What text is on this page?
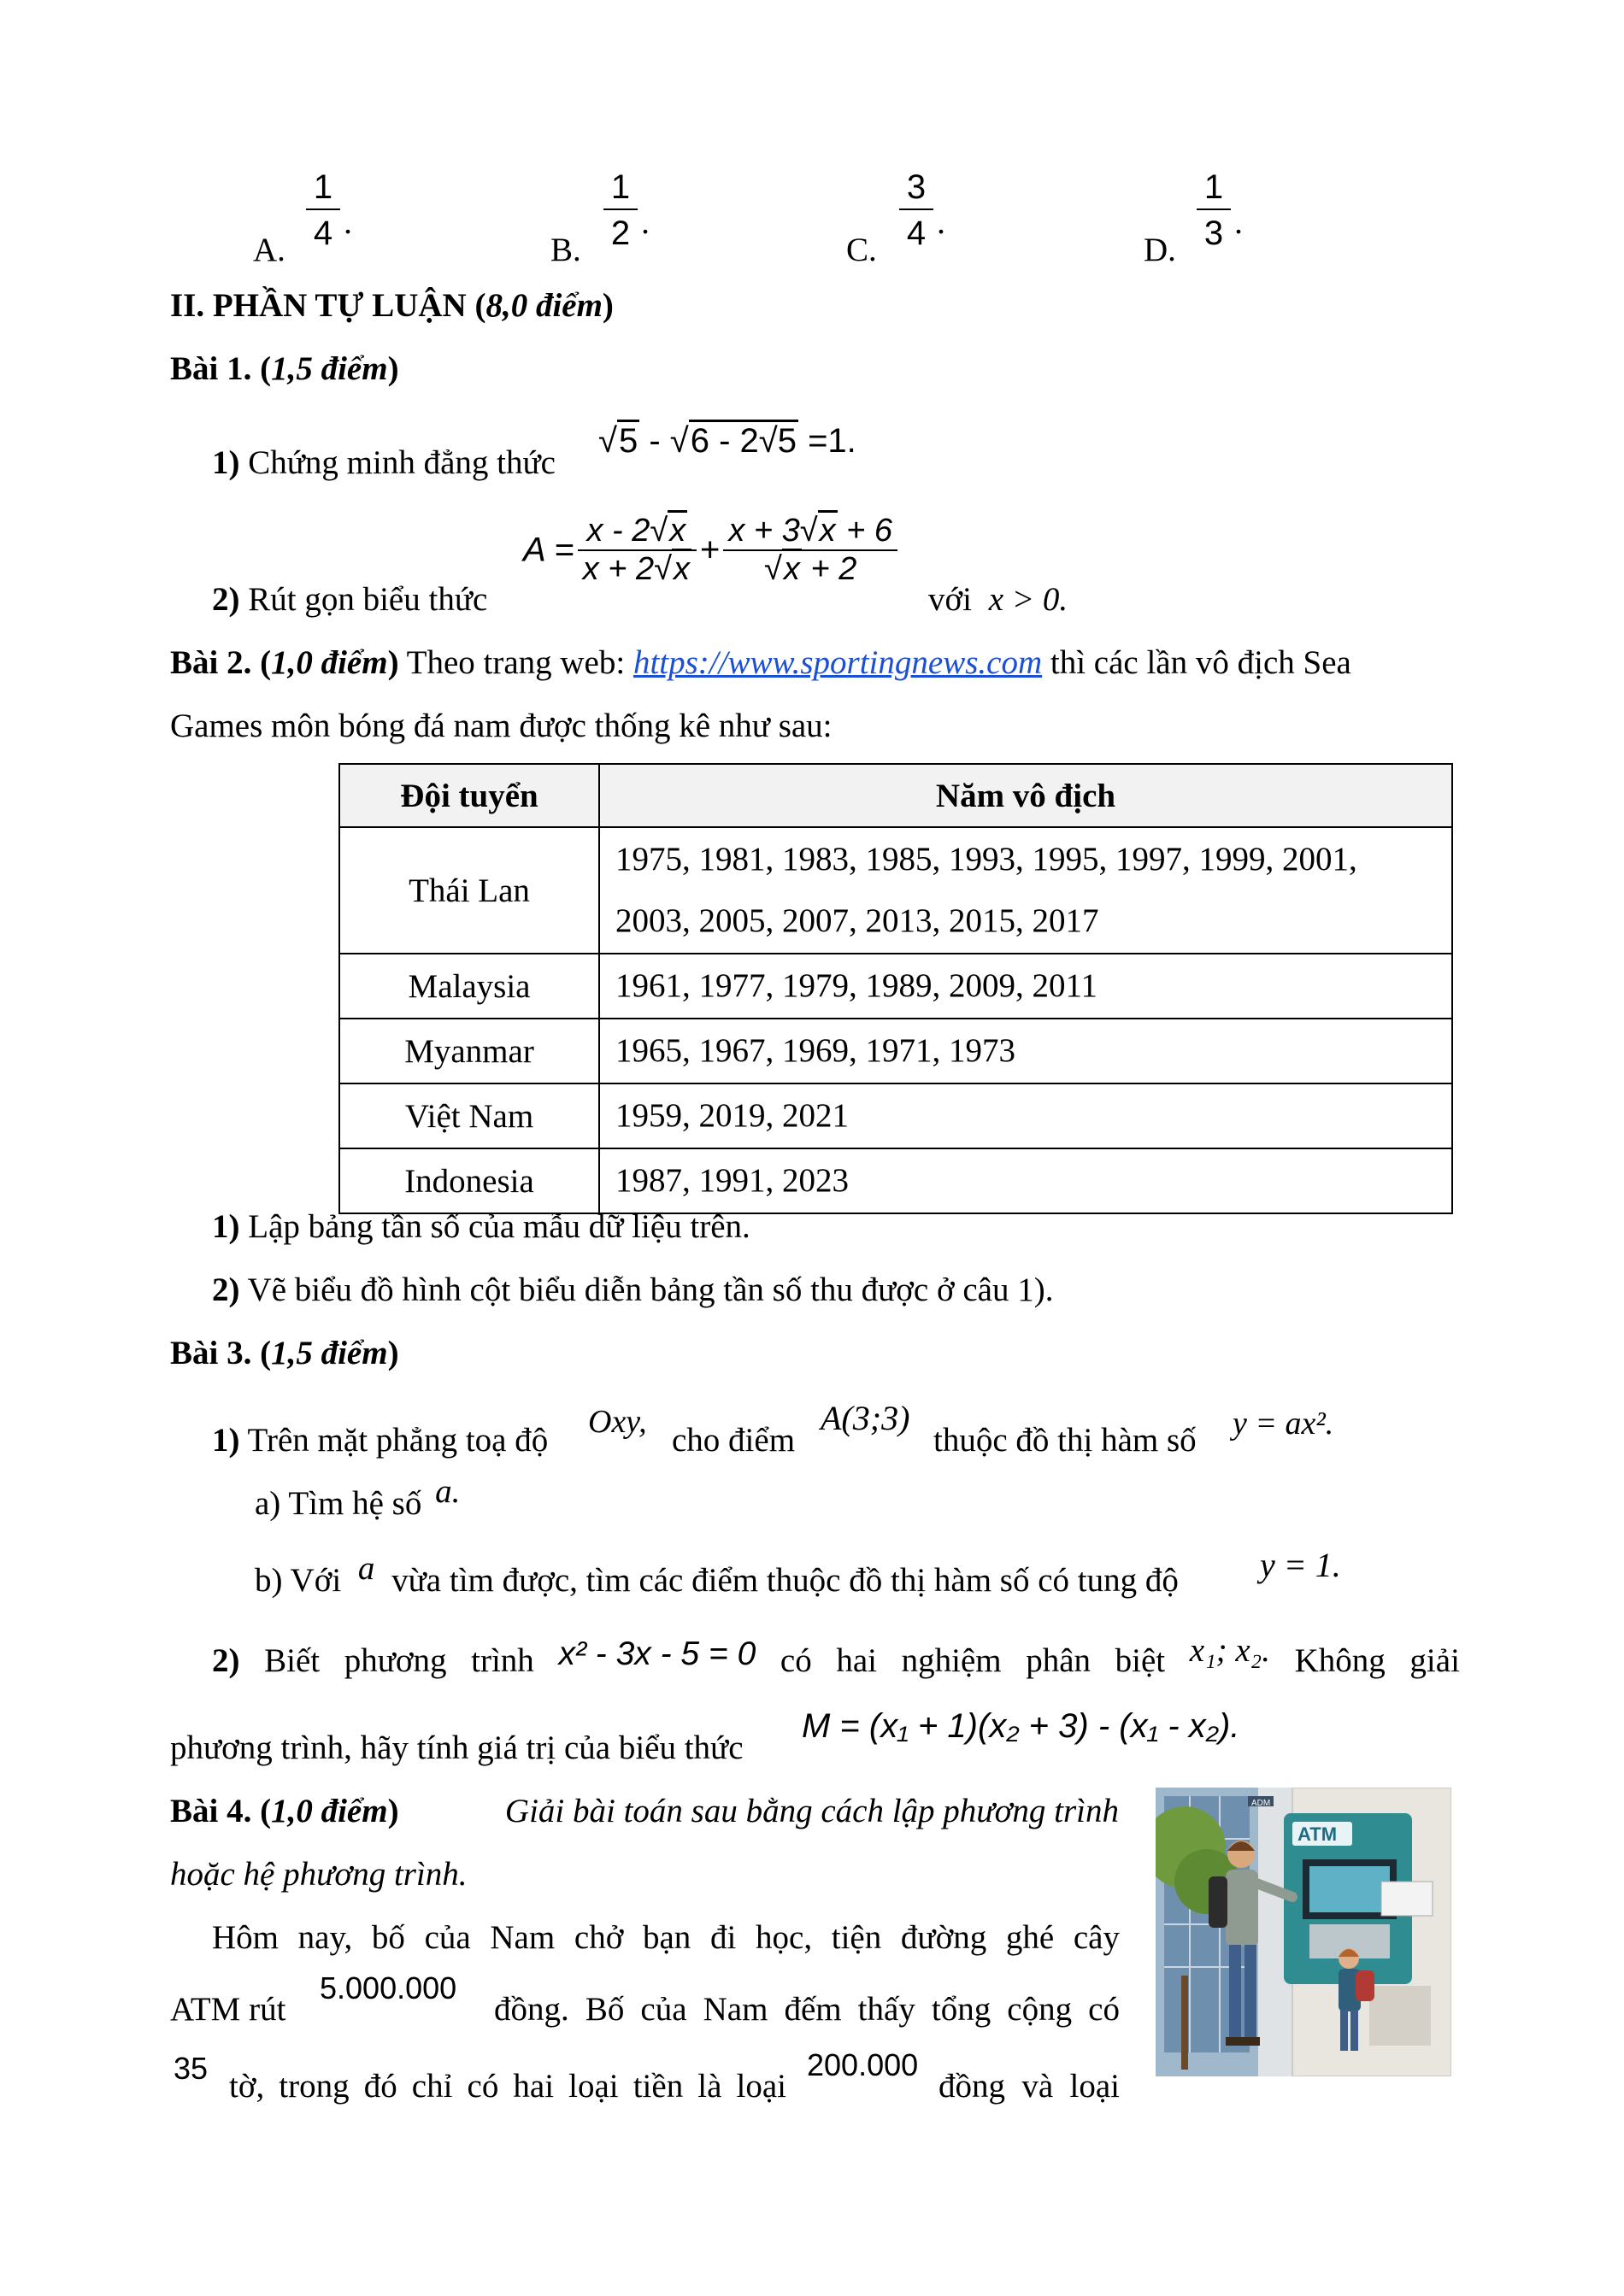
A.
1
4 .
B.
1
2 .
C.
3
4 .
D.
1
3 .
II. PHẦN TỰ LUẬN (8,0 điểm)
Bài 1. (1,5 điểm)
1) Chứng minh đẳng thức
√5 - √6 - 2√5 =1.
2) Rút gọn biểu thức
$A = \frac{x - 2√x}{x + 2√x} + \frac{x + 3√x + 6}{√x + 2}$
với x > 0.
Bài 2. (1,0 điểm) Theo trang web: https://www.sportingnews.com thì các lần vô địch Sea
Games môn bóng đá nam được thống kê như sau:
Đội tuyển	Năm vô địch
Thái Lan	1975, 1981, 1983, 1985, 1993, 1995, 1997, 1999, 2001,
2003, 2005, 2007, 2013, 2015, 2017

Malaysia	1961, 1977, 1979, 1989, 2009, 2011
Myanmar	1965, 1967, 1969, 1971, 1973
Việt Nam	1959, 2019, 2021
Indonesia	1987, 1991, 2023
1) Lập bảng tần số của mẫu dữ liệu trên.
2) Vẽ biểu đồ hình cột biểu diễn bảng tần số thu được ở câu 1).
Bài 3. (1,5 điểm)
1) Trên mặt phẳng toạ độ Oxy, cho điểm
A(3;3)
thuộc đồ thị hàm số y = ax².
a) Tìm hệ số a.
b) Với a vừa tìm được, tìm các điểm thuộc đồ thị hàm số có tung độ y = 1.
2) Biết phương trình x² - 3x - 5 = 0 có hai nghiệm phân biệt x₁; x₂. Không giải
phương trình, hãy tính giá trị của biểu thức
M = (x₁ + 1)(x₂ + 3) - (x₁ - x₂).
Bài 4. (1,0 điểm)	Giải bài toán sau bằng cách lập phương trình
hoặc hệ phương trình.
Hôm nay, bố của Nam chở bạn đi học, tiện đường ghé cây
ATM rút
5.000.000
đồng. Bố của Nam đếm thấy tổng cộng có
35 tờ, trong đó chỉ có hai loại tiền là loại
200.000
đồng và loại
ADM
ATM
